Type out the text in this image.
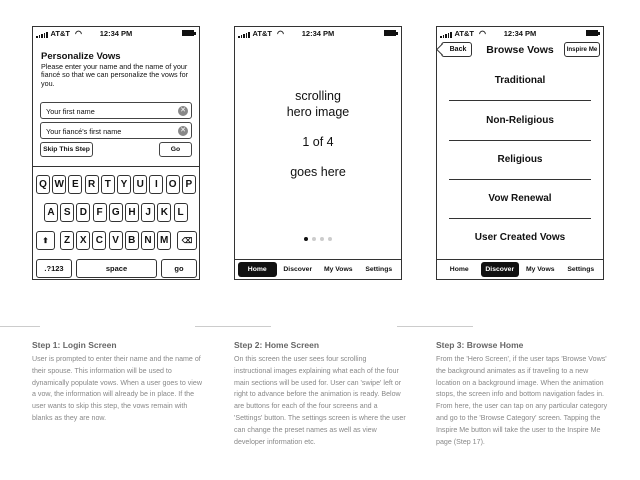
AT&T ◠	12:34 PM
Personalize Vows
Please enter your name and the name of your fiancé so that we can personalize the vows for you.
Your first name	✕
Your fiancé's first name	✕
Skip This Step	Go
Q W E R T Y U	I	O P
A S D F G H J K L
⬆	Z X C V B N M	⌫
.?123	space	go
AT&T ◠	12:34 PM
scrolling
hero image
1 of 4
goes here
Home	Discover	My Vows	Settings
AT&T ◠	12:34 PM
Back	Browse Vows	Inspire Me
Traditional
Non-Religious
Religious
Vow Renewal
User Created Vows
Home	Discover	My Vows	Settings
Step 1: Login Screen
User is prompted to enter their name and the name of their spouse. This information will be used to dynamically populate vows. When a user goes to view a vow, the information will already be in place. If the user wants to skip this step, the vows remain with blanks as they are now.
Step 2: Home Screen
On this screen the user sees four scrolling instructional images explaining what each of the four main sections will be used for. User can 'swipe' left or right to advance before the animation is ready. Below are buttons for each of the four screens and a 'Settings' button. The settings screen is where the user can change the preset names as well as view developer information etc.
Step 3: Browse Home
From the 'Hero Screen', if the user taps 'Browse Vows' the background animates as if traveling to a new location on a background image. When the animation stops, the screen info and bottom navigation fades in. From here, the user can tap on any particular category and go to the 'Browse Category' screen. Tapping the Inspire Me button will take the user to the Inspire Me page (Step 17).
